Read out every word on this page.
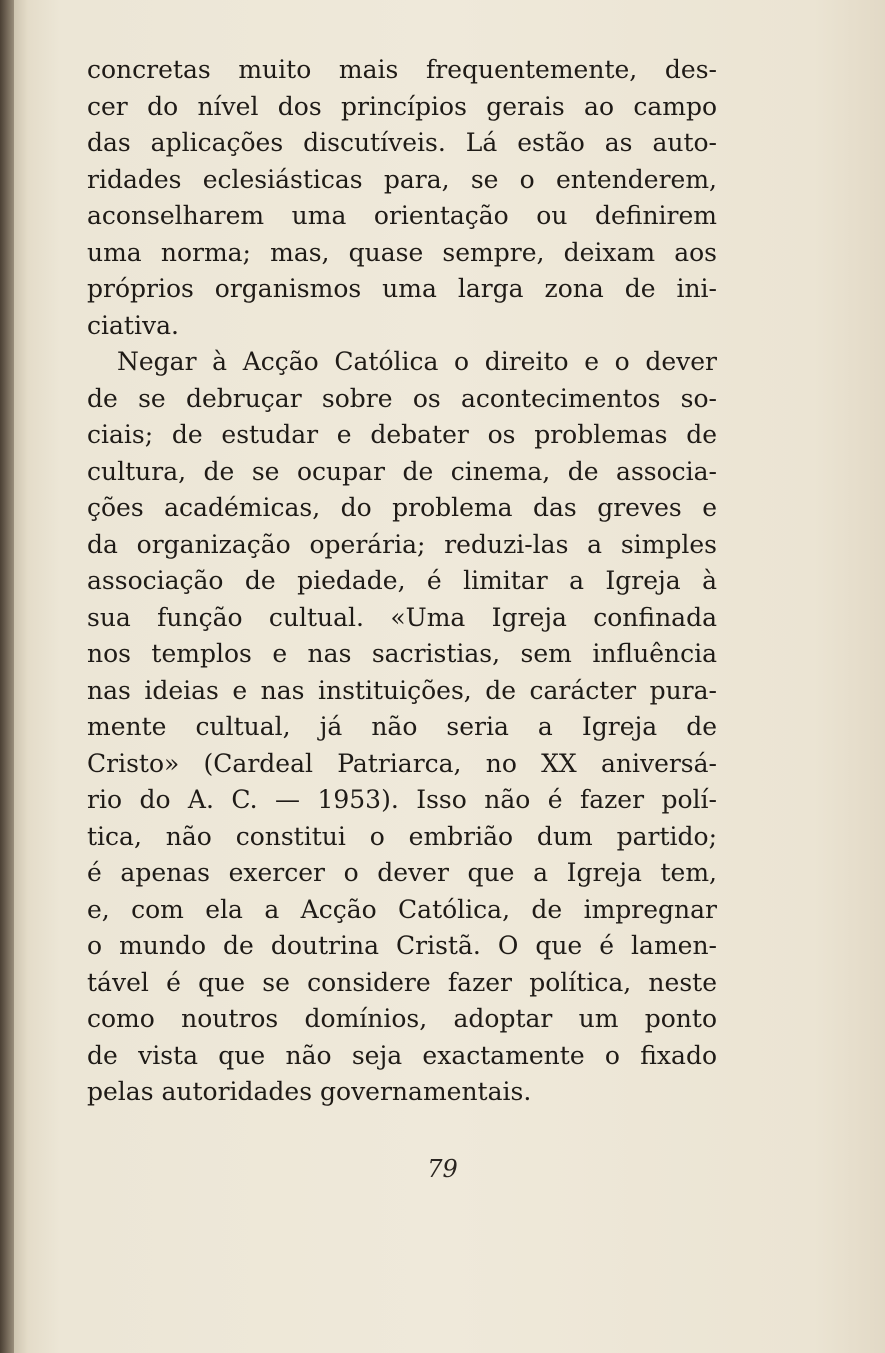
concretas muito mais frequentemente, des-
cer do nível dos princípios gerais ao campo
das aplicações discutíveis. Lá estão as auto-
ridades eclesiásticas para, se o entenderem,
aconselharem uma orientação ou definirem
uma norma; mas, quase sempre, deixam aos
próprios organismos uma larga zona de ini-
ciativa.
Negar à Acção Católica o direito e o dever
de se debruçar sobre os acontecimentos so-
ciais; de estudar e debater os problemas de
cultura, de se ocupar de cinema, de associa-
ções académicas, do problema das greves e
da organização operária; reduzi-las a simples
associação de piedade, é limitar a Igreja à
sua função cultual. «Uma Igreja confinada
nos templos e nas sacristias, sem influência
nas ideias e nas instituições, de carácter pura-
mente cultual, já não seria a Igreja de
Cristo» (Cardeal Patriarca, no XX aniversá-
rio do A. C. — 1953). Isso não é fazer polí-
tica, não constitui o embrião dum partido;
é apenas exercer o dever que a Igreja tem,
e, com ela a Acção Católica, de impregnar
o mundo de doutrina Cristã. O que é lamen-
tável é que se considere fazer política, neste
como noutros domínios, adoptar um ponto
de vista que não seja exactamente o fixado
pelas autoridades governamentais.
79
